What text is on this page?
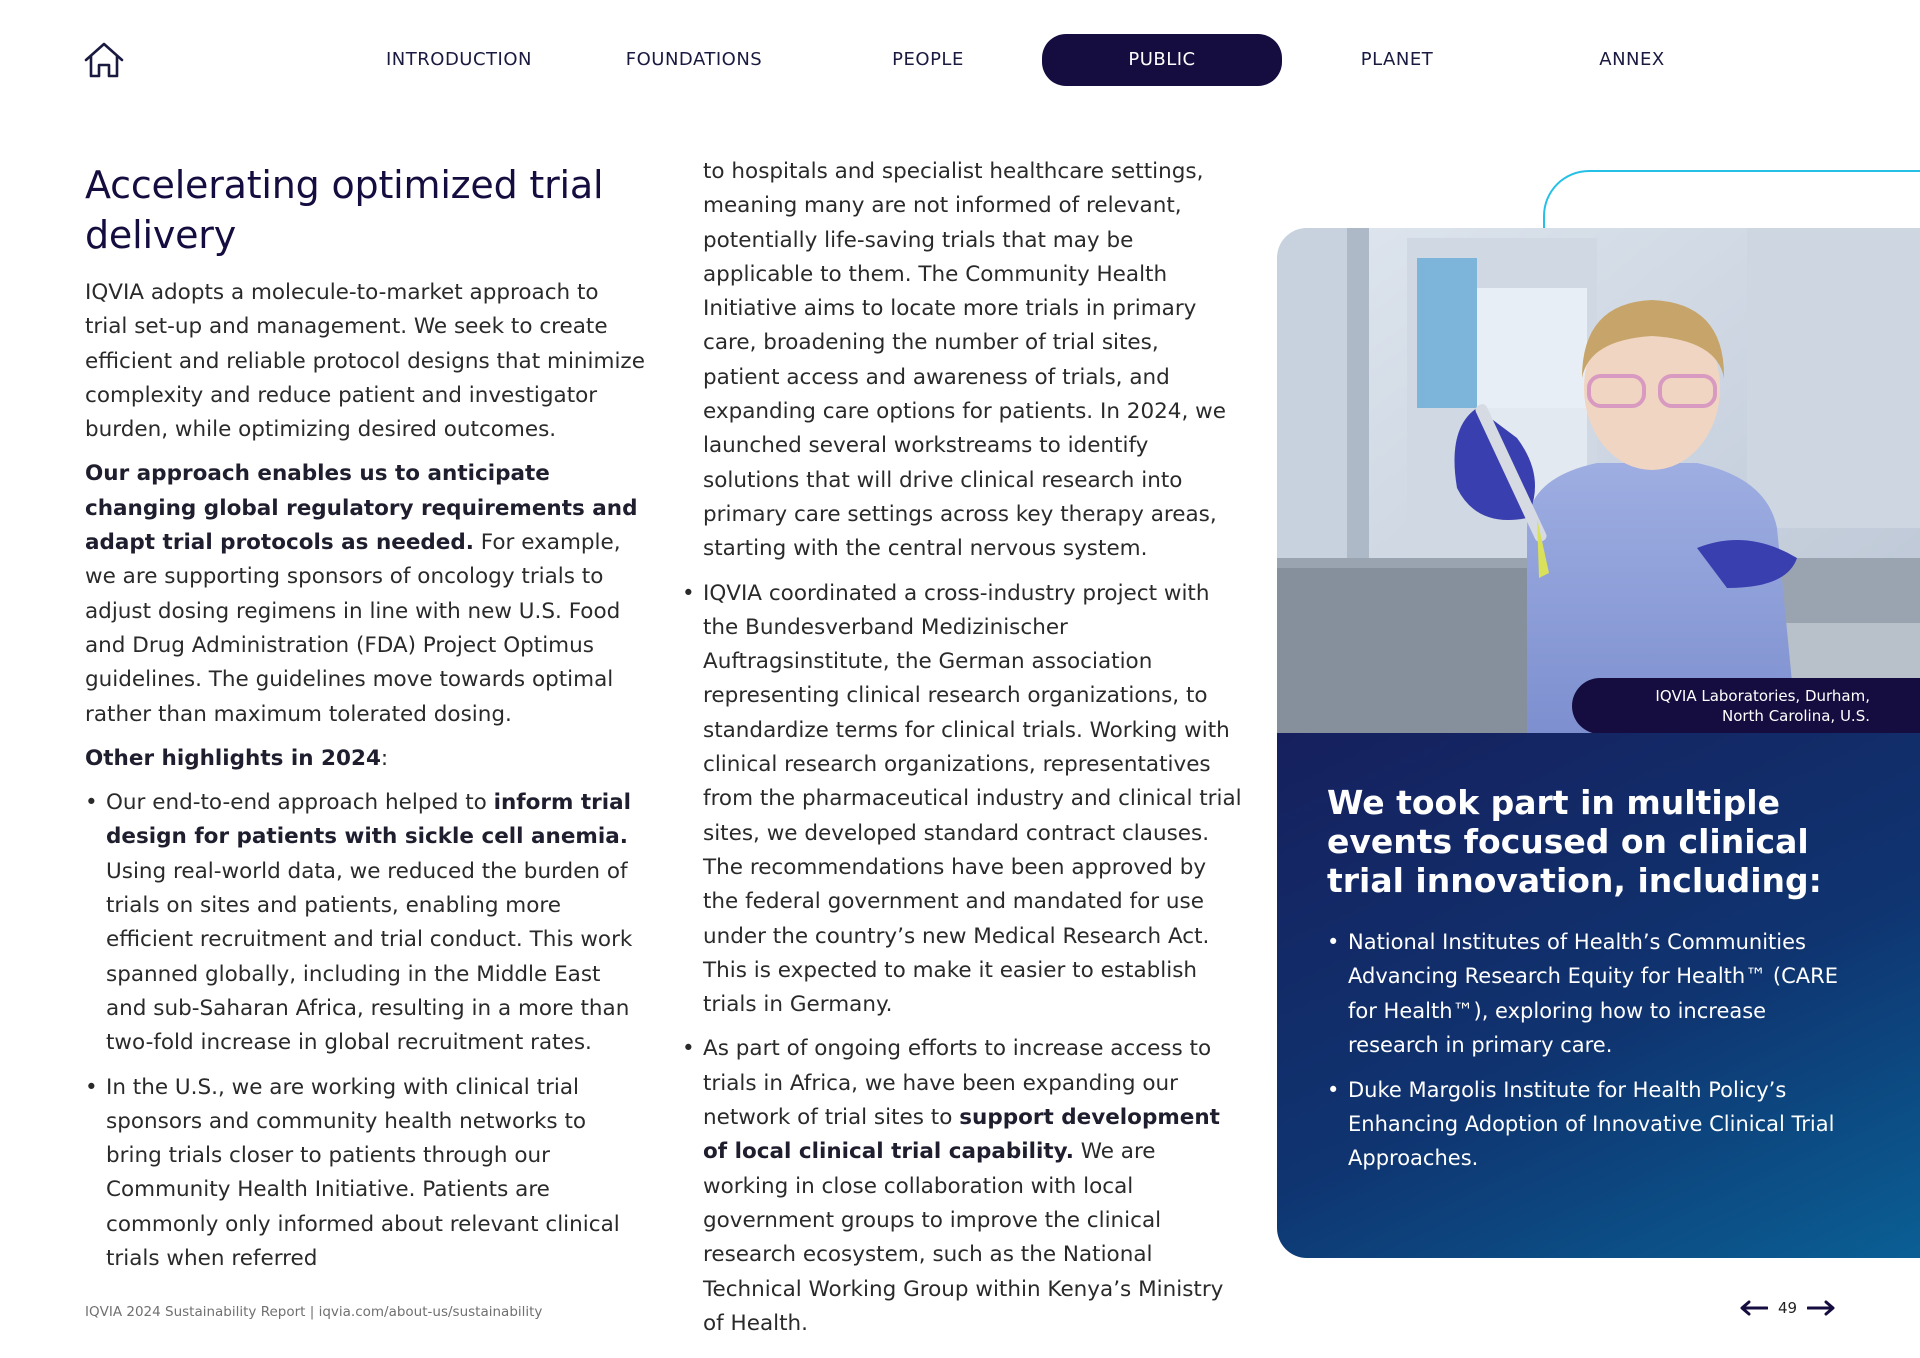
INTRODUCTION	FOUNDATIONS	PEOPLE	PUBLIC	PLANET	ANNEX
Accelerating optimized trial delivery

IQVIA adopts a molecule-to-market approach to trial set-up and management. We seek to create efficient and reliable protocol designs that minimize complexity and reduce patient and investigator burden, while optimizing desired outcomes.

Our approach enables us to anticipate changing global regulatory requirements and adapt trial protocols as needed. For example, we are supporting sponsors of oncology trials to adjust dosing regimens in line with new U.S. Food and Drug Administration (FDA) Project Optimus guidelines. The guidelines move towards optimal rather than maximum tolerated dosing.

Other highlights in 2024:

• Our end-to-end approach helped to inform trial design for patients with sickle cell anemia. Using real-world data, we reduced the burden of trials on sites and patients, enabling more efficient recruitment and trial conduct. This work spanned globally, including in the Middle East and sub-Saharan Africa, resulting in a more than two-fold increase in global recruitment rates.
• In the U.S., we are working with clinical trial sponsors and community health networks to bring trials closer to patients through our Community Health Initiative. Patients are commonly only informed about relevant clinical trials when referred

to hospitals and specialist healthcare settings, meaning many are not informed of relevant, potentially life-saving trials that may be applicable to them. The Community Health Initiative aims to locate more trials in primary care, broadening the number of trial sites, patient access and awareness of trials, and expanding care options for patients. In 2024, we launched several workstreams to identify solutions that will drive clinical research into primary care settings across key therapy areas, starting with the central nervous system.

• IQVIA coordinated a cross-industry project with the Bundesverband Medizinischer Auftragsinstitute, the German association representing clinical research organizations, to standardize terms for clinical trials. Working with clinical research organizations, representatives from the pharmaceutical industry and clinical trial sites, we developed standard contract clauses. The recommendations have been approved by the federal government and mandated for use under the country’s new Medical Research Act. This is expected to make it easier to establish trials in Germany.
• As part of ongoing efforts to increase access to trials in Africa, we have been expanding our network of trial sites to support development of local clinical trial capability. We are working in close collaboration with local government groups to improve the clinical research ecosystem, such as the National Technical Working Group within Kenya’s Ministry of Health.
IQVIA Laboratories, Durham,
North Carolina, U.S.
We took part in multiple events focused on clinical trial innovation, including:
• National Institutes of Health’s Communities Advancing Research Equity for Health™ (CARE for Health™), exploring how to increase research in primary care.
• Duke Margolis Institute for Health Policy’s Enhancing Adoption of Innovative Clinical Trial Approaches.
IQVIA 2024 Sustainability Report | iqvia.com/about-us/sustainability	49
